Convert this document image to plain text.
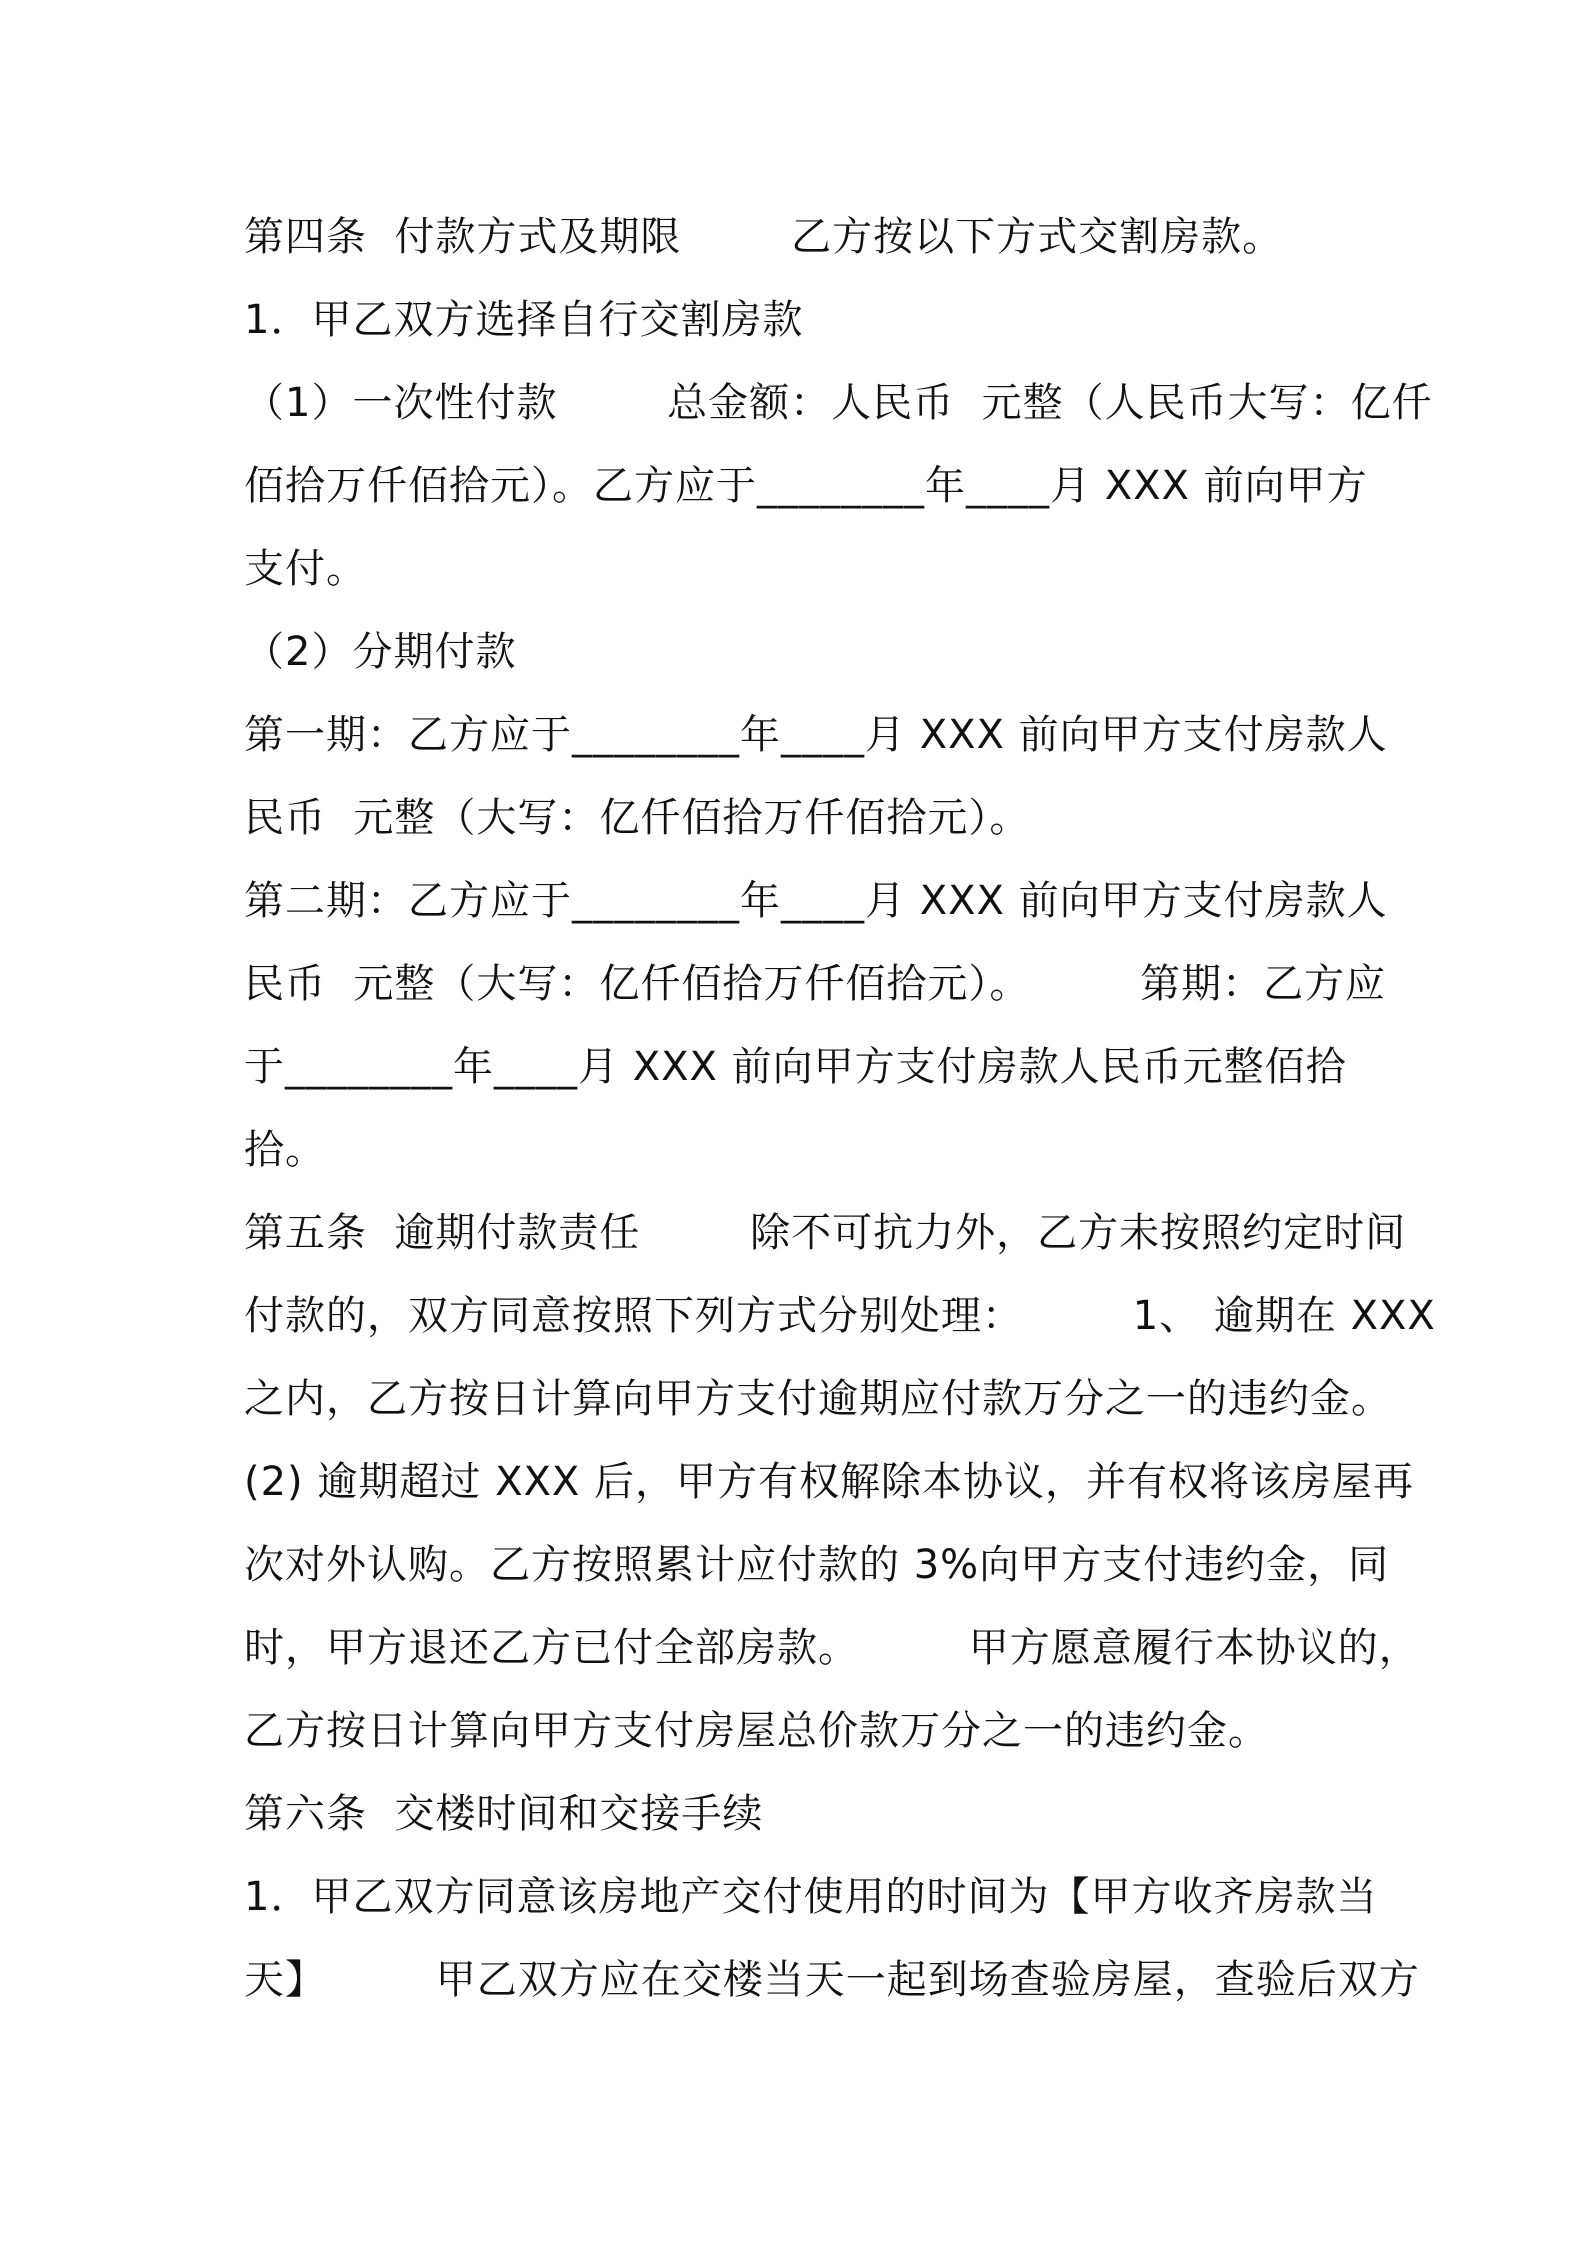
第四条  付款方式及期限        乙方按以下方式交割房款。
1．甲乙双方选择自行交割房款
（1）一次性付款        总金额：人民币  元整（人民币大写：亿仟
佰拾万仟佰拾元）。乙方应于________年____月 XXX 前向甲方
支付。
（2）分期付款
第一期：乙方应于________年____月 XXX 前向甲方支付房款人
民币  元整（大写：亿仟佰拾万仟佰拾元）。
第二期：乙方应于________年____月 XXX 前向甲方支付房款人
民币  元整（大写：亿仟佰拾万仟佰拾元）。        第期：乙方应
于________年____月 XXX 前向甲方支付房款人民币元整佰拾
拾。
第五条  逾期付款责任        除不可抗力外，乙方未按照约定时间
付款的，双方同意按照下列方式分别处理：        1、 逾期在 XXX
之内，乙方按日计算向甲方支付逾期应付款万分之一的违约金。
(2) 逾期超过 XXX 后，甲方有权解除本协议，并有权将该房屋再
次对外认购。乙方按照累计应付款的 3%向甲方支付违约金，同
时，甲方退还乙方已付全部房款。        甲方愿意履行本协议的，
乙方按日计算向甲方支付房屋总价款万分之一的违约金。
第六条  交楼时间和交接手续
1．甲乙双方同意该房地产交付使用的时间为【甲方收齐房款当
天】        甲乙双方应在交楼当天一起到场查验房屋，查验后双方
